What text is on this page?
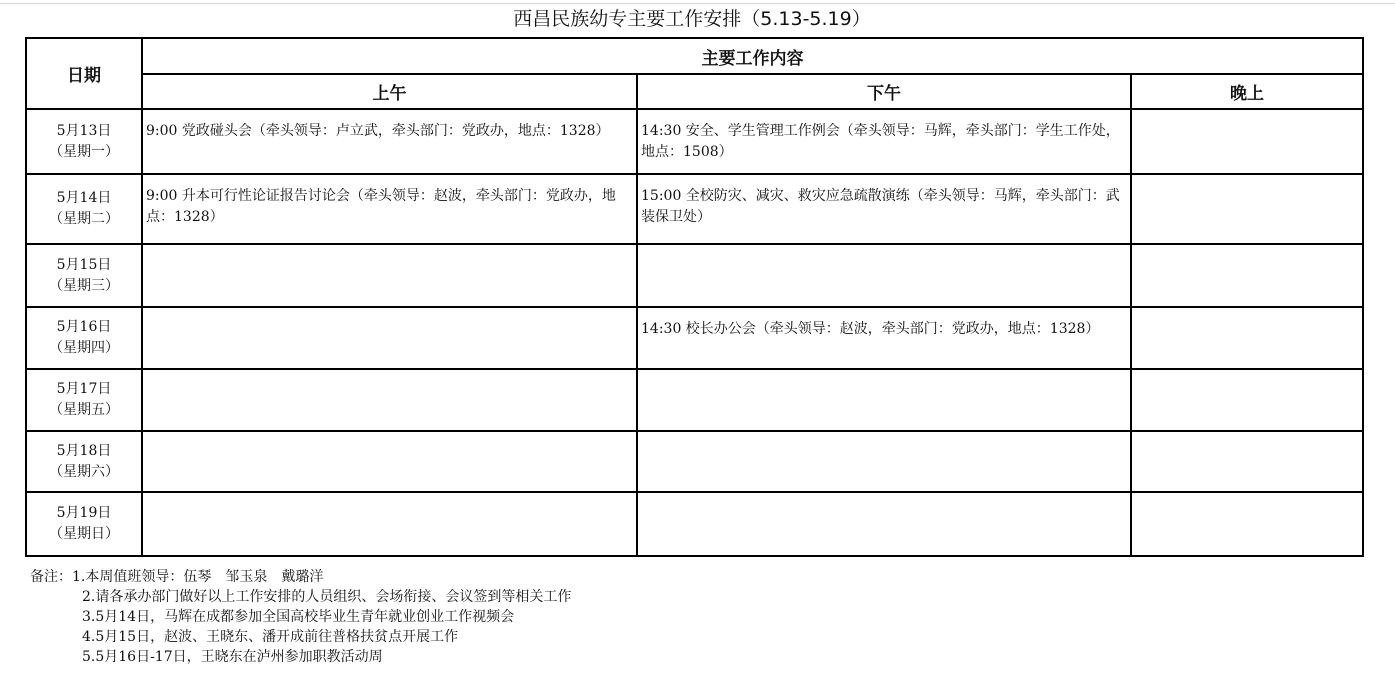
西昌民族幼专主要工作安排（5.13-5.19）
日期	主要工作内容		
	上午	下午	晚上

5月13日
（星期一）	9:00 党政碰头会（牵头领导：卢立武，牵头部门：党政办，地点：1328）	14:30 安全、学生管理工作例会（牵头领导：马辉，牵头部门：学生工作处，地点：1508）	

5月14日
（星期二）	9:00 升本可行性论证报告讨论会（牵头领导：赵波，牵头部门：党政办，地点：1328）	15:00 全校防灾、减灾、救灾应急疏散演练（牵头领导：马辉，牵头部门：武装保卫处）	

5月15日
（星期三）			

5月16日
（星期四）		14:30 校长办公会（牵头领导：赵波，牵头部门：党政办，地点：1328）	

5月17日
（星期五）			

5月18日
（星期六）			

5月19日
（星期日）			

备注：1.本周值班领导：伍琴　邹玉泉　戴璐洋
2.请各承办部门做好以上工作安排的人员组织、会场衔接、会议签到等相关工作
3.5月14日，马辉在成都参加全国高校毕业生青年就业创业工作视频会
4.5月15日，赵波、王晓东、潘开成前往普格扶贫点开展工作
5.5月16日-17日，王晓东在泸州参加职教活动周
